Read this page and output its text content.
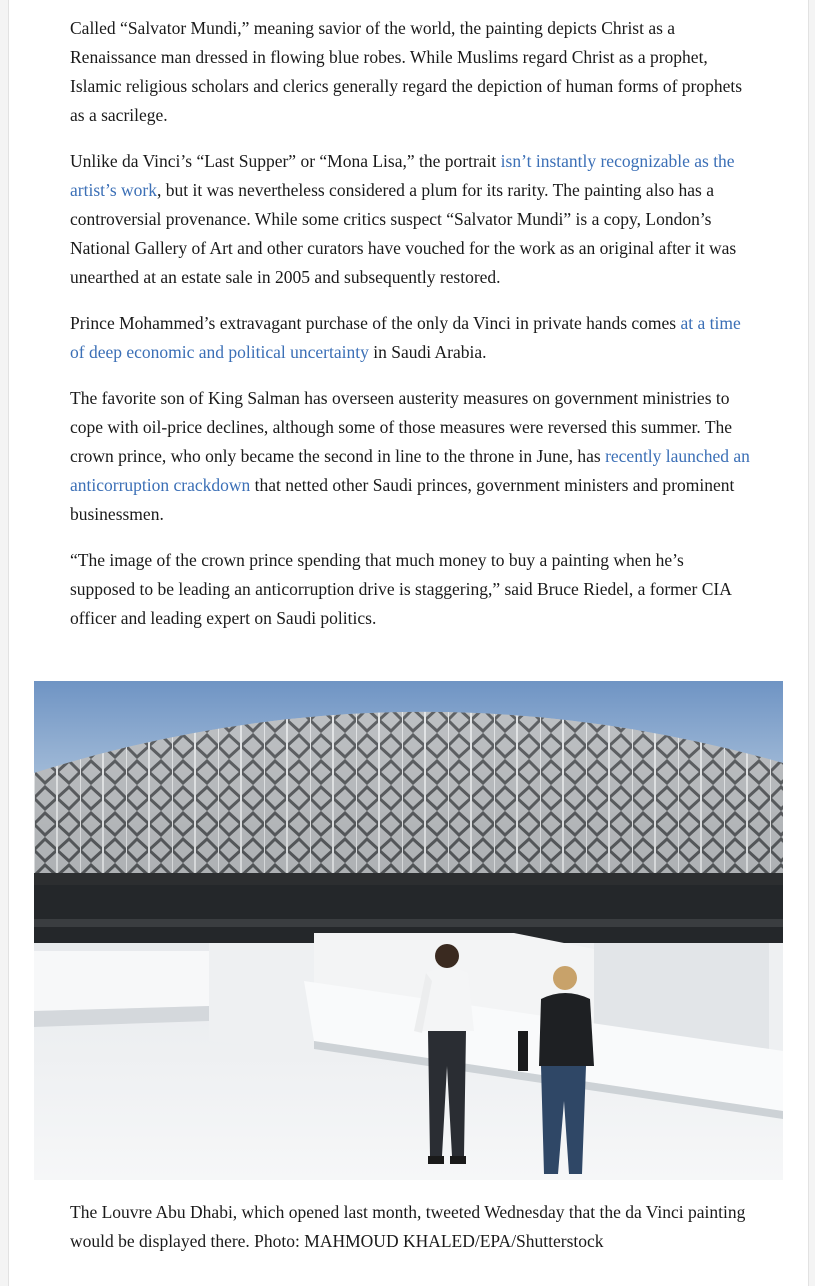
Called “Salvator Mundi,” meaning savior of the world, the painting depicts Christ as a Renaissance man dressed in flowing blue robes. While Muslims regard Christ as a prophet, Islamic religious scholars and clerics generally regard the depiction of human forms of prophets as a sacrilege.

Unlike da Vinci’s “Last Supper” or “Mona Lisa,” the portrait isn’t instantly recognizable as the artist’s work, but it was nevertheless considered a plum for its rarity. The painting also has a controversial provenance. While some critics suspect “Salvator Mundi” is a copy, London’s National Gallery of Art and other curators have vouched for the work as an original after it was unearthed at an estate sale in 2005 and subsequently restored.

Prince Mohammed’s extravagant purchase of the only da Vinci in private hands comes at a time of deep economic and political uncertainty in Saudi Arabia.

The favorite son of King Salman has overseen austerity measures on government ministries to cope with oil-price declines, although some of those measures were reversed this summer. The crown prince, who only became the second in line to the throne in June, has recently launched an anticorruption crackdown that netted other Saudi princes, government ministers and prominent businessmen.

“The image of the crown prince spending that much money to buy a painting when he’s supposed to be leading an anticorruption drive is staggering,” said Bruce Riedel, a former CIA officer and leading expert on Saudi politics.

The Louvre Abu Dhabi, which opened last month, tweeted Wednesday that the da Vinci painting would be displayed there. Photo: MAHMOUD KHALED/EPA/Shutterstock
